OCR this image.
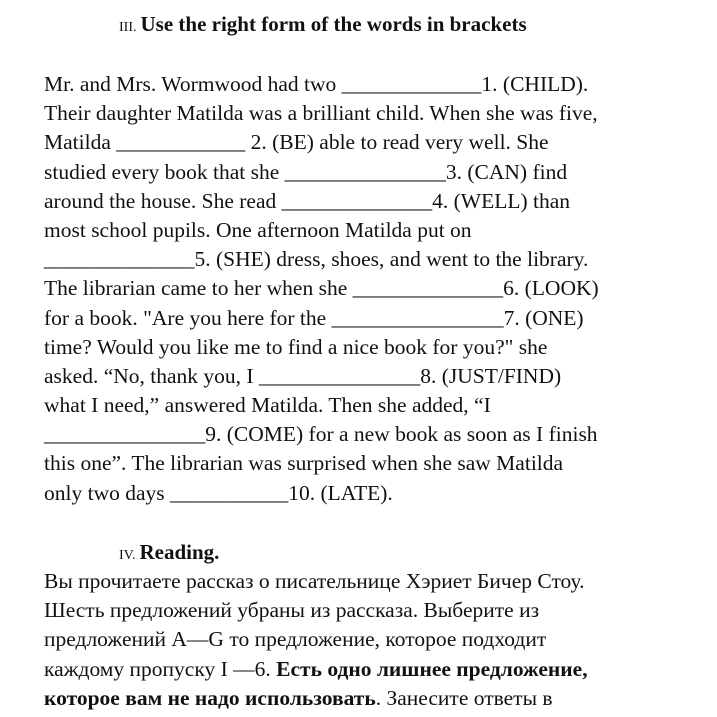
III. Use the right form of the words in brackets
Mr. and Mrs. Wormwood had two _____________1. (CHILD).
Their daughter Matilda was a brilliant child. When she was five,
Matilda ____________ 2. (BE) able to read very well. She
studied every book that she _______________3. (CAN) find
around the house. She read ______________4. (WELL) than
most school pupils. One afternoon Matilda put on
______________5. (SHE) dress, shoes, and went to the library.
The librarian came to her when she ______________6. (LOOK)
for a book. "Are you here for the ________________7. (ONE)
time? Would you like me to find a nice book for you?" she
asked. “No, thank you, I _______________8. (JUST/FIND)
what I need,” answered Matilda. Then she added, “I
_______________9. (COME) for a new book as soon as I finish
this one”. The librarian was surprised when she saw Matilda
only two days ___________10. (LATE).
IV. Reading.
Вы прочитаете рассказ о писательнице Хэриет Бичер Стоу.
Шесть предложений убраны из рассказа. Выберите из
предложений A—G то предложение, которое подходит
каждому пропуску I —6. Есть одно лишнее предложение,
которое вам не надо использовать. Занесите ответы в
